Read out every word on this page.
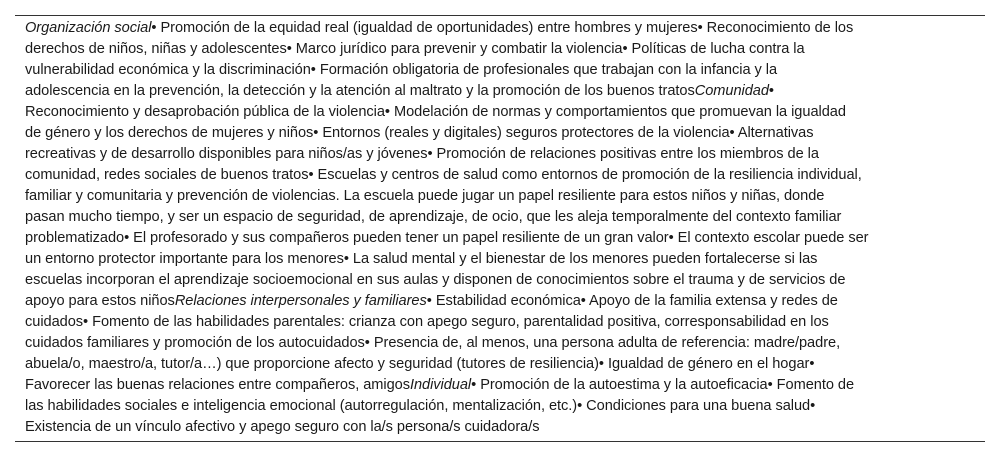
Organización social• Promoción de la equidad real (igualdad de oportunidades) entre hombres y mujeres• Reconocimiento de los
derechos de niños, niñas y adolescentes• Marco jurídico para prevenir y combatir la violencia• Políticas de lucha contra la
vulnerabilidad económica y la discriminación• Formación obligatoria de profesionales que trabajan con la infancia y la
adolescencia en la prevención, la detección y la atención al maltrato y la promoción de los buenos tratosComunidad•
Reconocimiento y desaprobación pública de la violencia• Modelación de normas y comportamientos que promuevan la igualdad
de género y los derechos de mujeres y niños• Entornos (reales y digitales) seguros protectores de la violencia• Alternativas
recreativas y de desarrollo disponibles para niños/as y jóvenes• Promoción de relaciones positivas entre los miembros de la
comunidad, redes sociales de buenos tratos• Escuelas y centros de salud como entornos de promoción de la resiliencia individual,
familiar y comunitaria y prevención de violencias. La escuela puede jugar un papel resiliente para estos niños y niñas, donde
pasan mucho tiempo, y ser un espacio de seguridad, de aprendizaje, de ocio, que les aleja temporalmente del contexto familiar
problematizado• El profesorado y sus compañeros pueden tener un papel resiliente de un gran valor• El contexto escolar puede ser
un entorno protector importante para los menores• La salud mental y el bienestar de los menores pueden fortalecerse si las
escuelas incorporan el aprendizaje socioemocional en sus aulas y disponen de conocimientos sobre el trauma y de servicios de
apoyo para estos niñosRelaciones interpersonales y familiares• Estabilidad económica• Apoyo de la familia extensa y redes de
cuidados• Fomento de las habilidades parentales: crianza con apego seguro, parentalidad positiva, corresponsabilidad en los
cuidados familiares y promoción de los autocuidados• Presencia de, al menos, una persona adulta de referencia: madre/padre,
abuela/o, maestro/a, tutor/a…) que proporcione afecto y seguridad (tutores de resiliencia)• Igualdad de género en el hogar•
Favorecer las buenas relaciones entre compañeros, amigosIndividual• Promoción de la autoestima y la autoeficacia• Fomento de
las habilidades sociales e inteligencia emocional (autorregulación, mentalización, etc.)• Condiciones para una buena salud•
Existencia de un vínculo afectivo y apego seguro con la/s persona/s cuidadora/s
